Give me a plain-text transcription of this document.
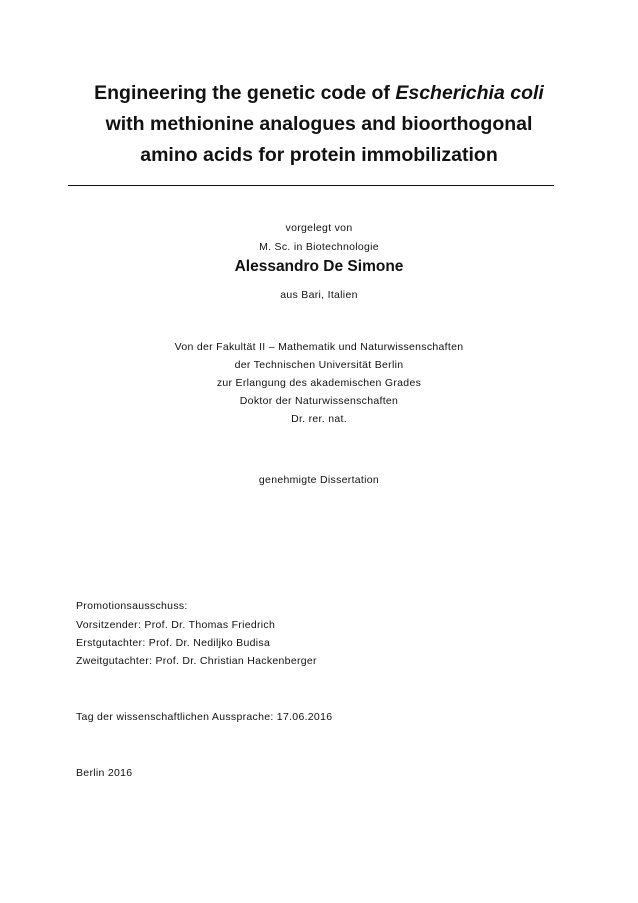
Engineering the genetic code of Escherichia coli
with methionine analogues and bioorthogonal
amino acids for protein immobilization
vorgelegt von
M. Sc. in Biotechnologie
Alessandro De Simone
aus Bari, Italien
Von der Fakultät II – Mathematik und Naturwissenschaften
der Technischen Universität Berlin
zur Erlangung des akademischen Grades
Doktor der Naturwissenschaften
Dr. rer. nat.
genehmigte Dissertation
Promotionsausschuss:
Vorsitzender: Prof. Dr. Thomas Friedrich
Erstgutachter: Prof. Dr. Nediljko Budisa
Zweitgutachter: Prof. Dr. Christian Hackenberger
Tag der wissenschaftlichen Aussprache: 17.06.2016
Berlin 2016
